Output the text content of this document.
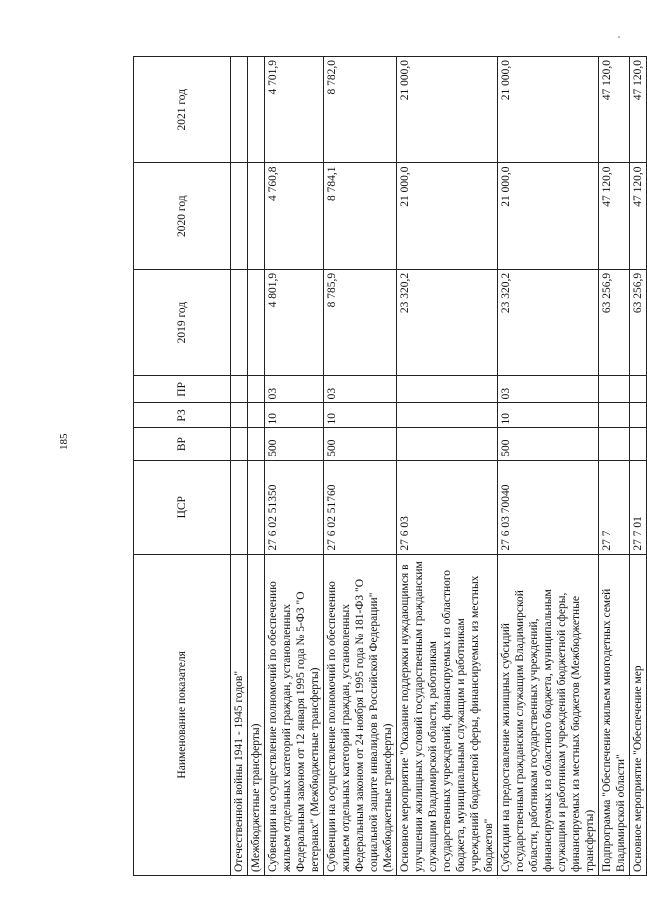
185
Наименование показателя	ЦСР	ВР	РЗ	ПР	2019 год	2020 год	2021 год
Отечественной войны 1941 - 1945 годов"							
(Межбюджетные трансферты)							
Субвенции на осуществление полномочий по обеспечению жильем отдельных категорий граждан, установленных Федеральным законом от 12 января 1995 года № 5-ФЗ "О ветеранах" (Межбюджетные трансферты)	27 6 02 51350	500	10	03	4 801,9	4 760,8	4 701,9
Субвенции на осуществление полномочий по обеспечению жильем отдельных категорий граждан, установленных Федеральным законом от 24 ноября 1995 года № 181-ФЗ "О социальной защите инвалидов в Российской Федерации" (Межбюджетные трансферты)	27 6 02 51760	500	10	03	8 785,9	8 784,1	8 782,0
Основное мероприятие "Оказание поддержки нуждающимся в улучшении жилищных условий государственным гражданским служащим Владимирской области, работникам государственных учреждений, финансируемых из областного бюджета, муниципальным служащим и работникам учреждений бюджетной сферы, финансируемых из местных бюджетов"	27 6 03				23 320,2	21 000,0	21 000,0
Субсидии на предоставление жилищных субсидий государственным гражданским служащим Владимирской области, работникам государственных учреждений, финансируемых из областного бюджета, муниципальным служащим и работникам учреждений бюджетной сферы, финансируемых из местных бюджетов (Межбюджетные трансферты)	27 6 03 70040	500	10	03	23 320,2	21 000,0	21 000,0
Подпрограмма "Обеспечение жильем многодетных семей Владимирской области"	27 7				63 256,9	47 120,0	47 120,0
Основное мероприятие "Обеспечение мер	27 7 01				63 256,9	47 120,0	47 120,0
